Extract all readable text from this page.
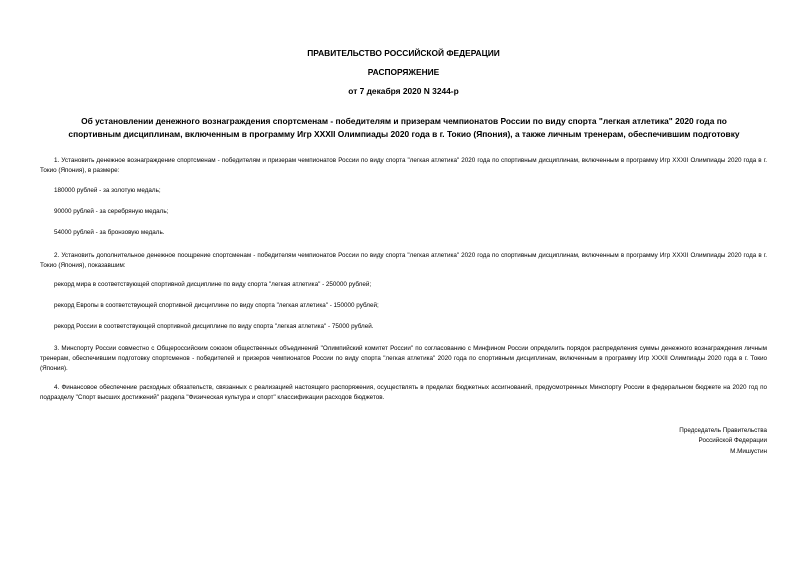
ПРАВИТЕЛЬСТВО РОССИЙСКОЙ ФЕДЕРАЦИИ
РАСПОРЯЖЕНИЕ
от 7 декабря 2020 N 3244-р
Об установлении денежного вознаграждения спортсменам - победителям и призерам чемпионатов России по виду спорта "легкая атлетика" 2020 года по
спортивным дисциплинам, включенным в программу Игр XXXII Олимпиады 2020 года в г. Токио (Япония), а также личным тренерам, обеспечившим подготовку
1. Установить денежное вознаграждение спортсменам - победителям и призерам чемпионатов России по виду спорта "легкая атлетика" 2020 года по спортивным дисциплинам, включенным в программу Игр XXXII Олимпиады 2020 года в г. Токио (Япония), в размере:
180000 рублей - за золотую медаль;
90000 рублей - за серебряную медаль;
54000 рублей - за бронзовую медаль.
2. Установить дополнительное денежное поощрение спортсменам - победителям чемпионатов России по виду спорта "легкая атлетика" 2020 года по спортивным дисциплинам, включенным в программу Игр XXXII Олимпиады 2020 года в г. Токио (Япония), показавшим:
рекорд мира в соответствующей спортивной дисциплине по виду спорта "легкая атлетика" - 250000 рублей;
рекорд Европы в соответствующей спортивной дисциплине по виду спорта "легкая атлетика" - 150000 рублей;
рекорд России в соответствующей спортивной дисциплине по виду спорта "легкая атлетика" - 75000 рублей.
3. Минспорту России совместно с Общероссийским союзом общественных объединений "Олимпийский комитет России" по согласованию с Минфином России определить порядок распределения суммы денежного вознаграждения личным тренерам, обеспечившим подготовку спортсменов - победителей и призеров чемпионатов России по виду спорта "легкая атлетика" 2020 года по спортивным дисциплинам, включенным в программу Игр XXXII Олимпиады 2020 года в г. Токио (Япония).
4. Финансовое обеспечение расходных обязательств, связанных с реализацией настоящего распоряжения, осуществлять в пределах бюджетных ассигнований, предусмотренных Минспорту России в федеральном бюджете на 2020 год по подразделу "Спорт высших достижений" раздела "Физическая культура и спорт" классификации расходов бюджетов.
Председатель Правительства
Российской Федерации
М.Мишустин
